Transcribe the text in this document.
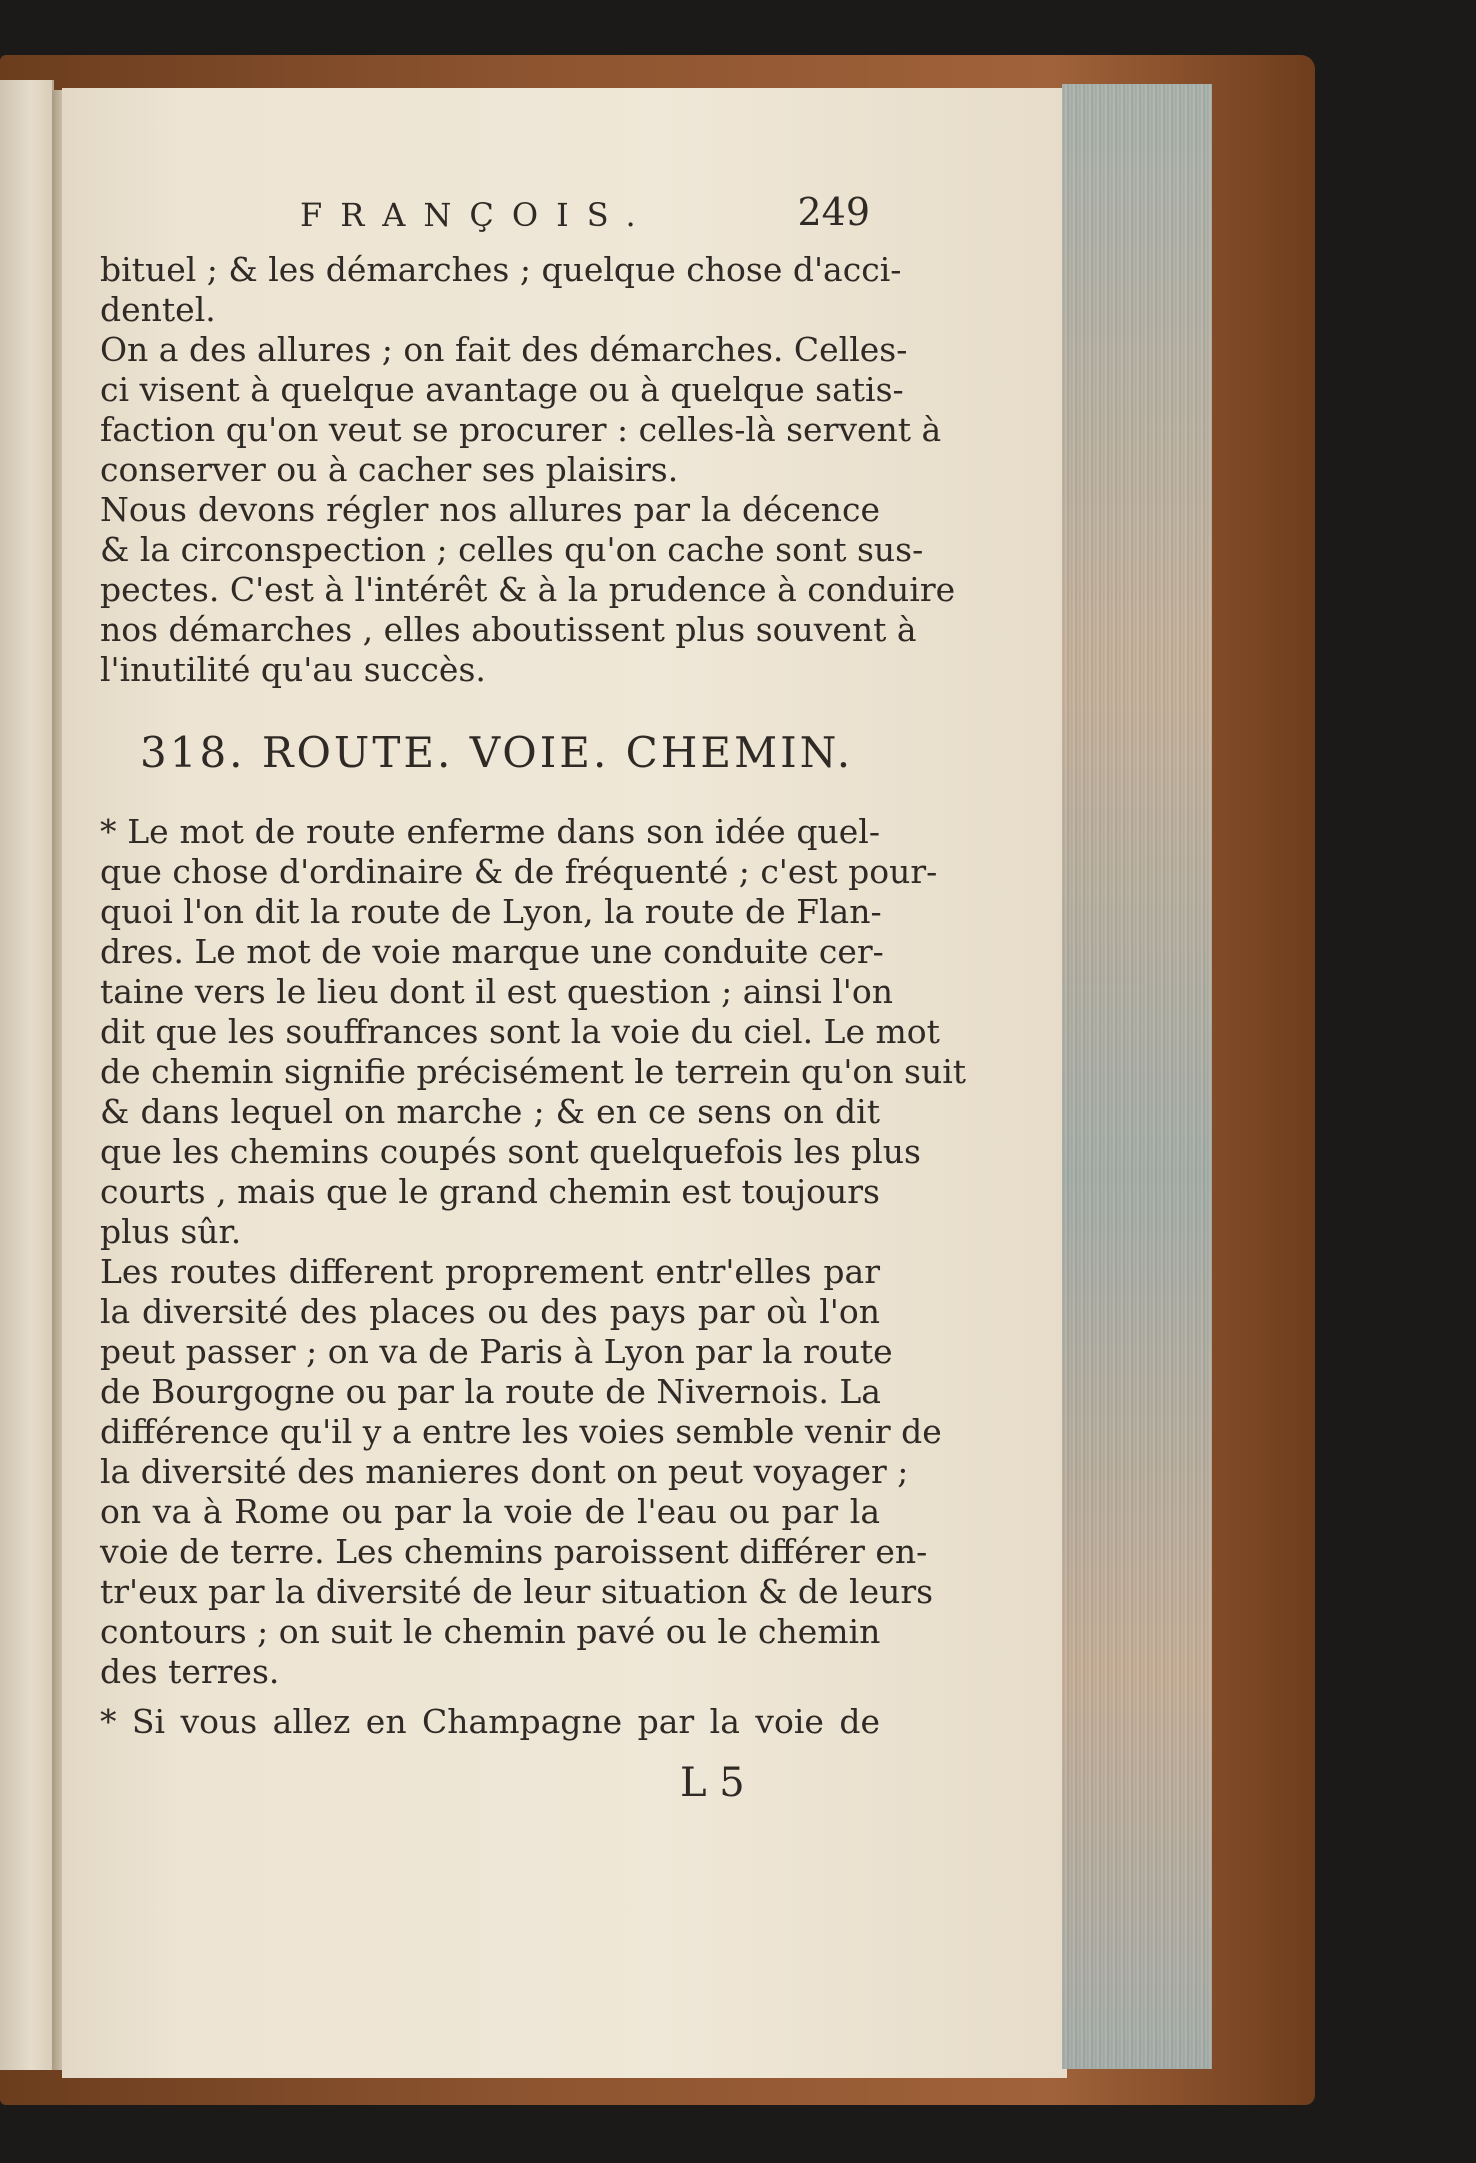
FRANÇOIS.	249
bituel ; & les démarches ; quelque chose d'acci-
dentel.
On a des allures ; on fait des démarches. Celles-
ci visent à quelque avantage ou à quelque satis-
faction qu'on veut se procurer : celles-là servent à
conserver ou à cacher ses plaisirs.
Nous devons régler nos allures par la décence
& la circonspection ; celles qu'on cache sont sus-
pectes. C'est à l'intérêt & à la prudence à conduire
nos démarches , elles aboutissent plus souvent à
l'inutilité qu'au succès.
318. ROUTE. VOIE. CHEMIN.
* Le mot de route enferme dans son idée quel-
que chose d'ordinaire & de fréquenté ; c'est pour-
quoi l'on dit la route de Lyon, la route de Flan-
dres. Le mot de voie marque une conduite cer-
taine vers le lieu dont il est question ; ainsi l'on
dit que les souffrances sont la voie du ciel. Le mot
de chemin signifie précisément le terrein qu'on suit
& dans lequel on marche ; & en ce sens on dit
que les chemins coupés sont quelquefois les plus
courts , mais que le grand chemin est toujours
plus sûr.
Les routes different proprement entr'elles par
la diversité des places ou des pays par où l'on
peut passer ; on va de Paris à Lyon par la route
de Bourgogne ou par la route de Nivernois. La
différence qu'il y a entre les voies semble venir de
la diversité des manieres dont on peut voyager ;
on va à Rome ou par la voie de l'eau ou par la
voie de terre. Les chemins paroissent différer en-
tr'eux par la diversité de leur situation & de leurs
contours ; on suit le chemin pavé ou le chemin
des terres.
* Si vous allez en Champagne par la voie de
L 5
